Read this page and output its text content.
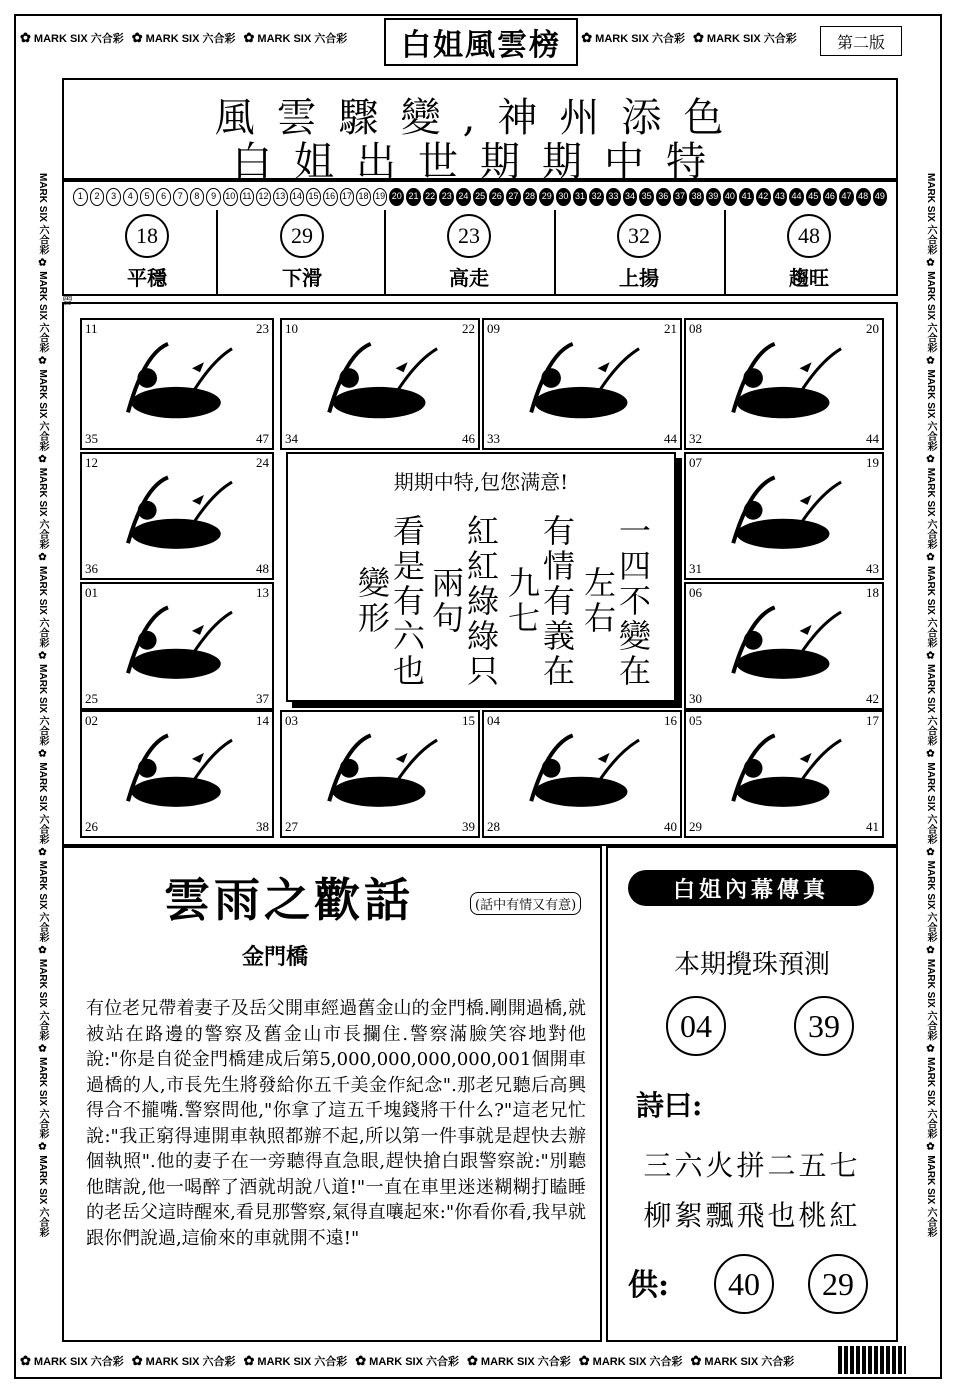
✿ MARK SIX 六合彩 ✿ MARK SIX 六合彩 ✿ MARK SIX 六合彩	✿ MARK SIX 六合彩 ✿ MARK SIX 六合彩
MARK SIX 六合彩 ✿ MARK SIX 六合彩 ✿ MARK SIX 六合彩 ✿ MARK SIX 六合彩 ✿ MARK SIX 六合彩 ✿ MARK SIX 六合彩 ✿ MARK SIX 六合彩 ✿ MARK SIX 六合彩 ✿ MARK SIX 六合彩 ✿ MARK SIX 六合彩 ✿ MARK SIX 六合彩
MARK SIX 六合彩 ✿ MARK SIX 六合彩 ✿ MARK SIX 六合彩 ✿ MARK SIX 六合彩 ✿ MARK SIX 六合彩 ✿ MARK SIX 六合彩 ✿ MARK SIX 六合彩 ✿ MARK SIX 六合彩 ✿ MARK SIX 六合彩 ✿ MARK SIX 六合彩 ✿ MARK SIX 六合彩
✿ MARK SIX 六合彩 ✿ MARK SIX 六合彩 ✿ MARK SIX 六合彩 ✿ MARK SIX 六合彩 ✿ MARK SIX 六合彩 ✿ MARK SIX 六合彩 ✿ MARK SIX 六合彩
白姐風雲榜	第二版
風雲驟變,神州添色
白姐出世期期中特
1	2	3	4	5	6	7	8	9	10 11 12 13 14 15 16 17 18 19 20 21 22 23 24 25 26 27 28 29 30 31 32 33 34 35 36 37 38 39 40 41 42 43 44 45 46 47 48 49
18
平穩
29
下滑
23
高走
32
上揚
48
趨旺
曾
11	23
35	47
10	22
34	46
09	21
33	44
08	20
32	44
12	24
36	48
07	19
31	43
01	13
25	37
06	18
30	42
02	14
26	38
03	15
27	39
04	16
28	40
05	17
29	41
期期中特,包您满意!
一四不變在左右
有情有義在九七
紅紅綠綠只兩句
看是有六也變形
雲雨之歡話	(話中有情又有意)
金門橋
有位老兄帶着妻子及岳父開車經過舊金山的金門橋.剛開過橋,就被站在路邊的警察及舊金山市長攔住.警察滿臉笑容地對他說:"你是自從金門橋建成后第5,000,000,000,000,001個開車過橋的人,市長先生將發給你五千美金作紀念".那老兄聽后高興得合不攏嘴.警察問他,"你拿了這五千塊錢將干什么?"這老兄忙說:"我正窮得連開車執照都辦不起,所以第一件事就是趕快去辦個執照".他的妻子在一旁聽得直急眼,趕快搶白跟警察說:"別聽他瞎說,他一喝醉了酒就胡說八道!"一直在車里迷迷糊糊打瞌睡的老岳父這時醒來,看見那警察,氣得直嚷起來:"你看你看,我早就跟你們說過,這偷來的車就開不遠!"
白姐內幕傳真
本期攪珠預測
04	39
詩曰:
三六火拼二五七
柳絮飄飛也桃紅
供:	40	29
